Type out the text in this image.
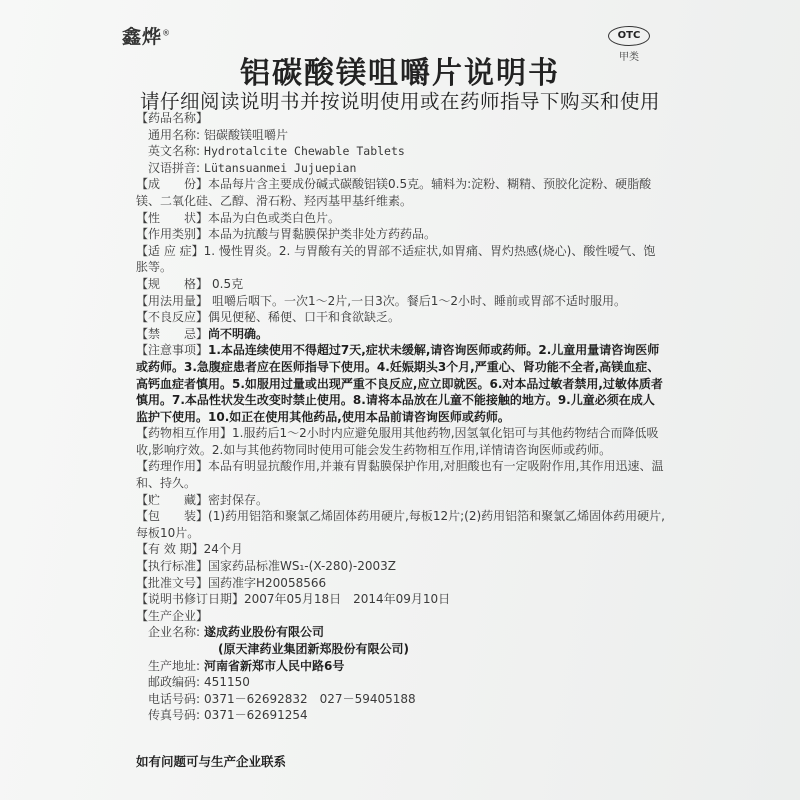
鑫烨®	OTC
甲类
铝碳酸镁咀嚼片说明书
请仔细阅读说明书并按说明使用或在药师指导下购买和使用
【药品名称】
通用名称: 铝碳酸镁咀嚼片
英文名称: Hydrotalcite Chewable Tablets
汉语拼音: Lütansuanmei Jujuepian
【成　　份】本品每片含主要成份碱式碳酸铝镁0.5克。辅料为:淀粉、糊精、预胶化淀粉、硬脂酸镁、二氧化硅、乙醇、滑石粉、羟丙基甲基纤维素。
【性　　状】本品为白色或类白色片。
【作用类别】本品为抗酸与胃黏膜保护类非处方药药品。
【适 应 症】1. 慢性胃炎。2. 与胃酸有关的胃部不适症状,如胃痛、胃灼热感(烧心)、酸性嗳气、饱胀等。
【规　　格】 0.5克
【用法用量】 咀嚼后咽下。一次1～2片,一日3次。餐后1～2小时、睡前或胃部不适时服用。
【不良反应】偶见便秘、稀便、口干和食欲缺乏。
【禁　　忌】尚不明确。
【注意事项】1.本品连续使用不得超过7天,症状未缓解,请咨询医师或药师。2.儿童用量请咨询医师或药师。3.急腹症患者应在医师指导下使用。4.妊娠期头3个月,严重心、肾功能不全者,高镁血症、高钙血症者慎用。5.如服用过量或出现严重不良反应,应立即就医。6.对本品过敏者禁用,过敏体质者慎用。7.本品性状发生改变时禁止使用。8.请将本品放在儿童不能接触的地方。9.儿童必须在成人监护下使用。10.如正在使用其他药品,使用本品前请咨询医师或药师。
【药物相互作用】1.服药后1～2小时内应避免服用其他药物,因氢氧化铝可与其他药物结合而降低吸收,影响疗效。2.如与其他药物同时使用可能会发生药物相互作用,详情请咨询医师或药师。
【药理作用】本品有明显抗酸作用,并兼有胃黏膜保护作用,对胆酸也有一定吸附作用,其作用迅速、温和、持久。
【贮　　藏】密封保存。
【包　　装】(1)药用铝箔和聚氯乙烯固体药用硬片,每板12片;(2)药用铝箔和聚氯乙烯固体药用硬片,每板10片。
【有 效 期】24个月
【执行标准】国家药品标准WS₁-(X-280)-2003Z
【批准文号】国药准字H20058566
【说明书修订日期】2007年05月18日　2014年09月10日
【生产企业】
企业名称: 遂成药业股份有限公司
(原天津药业集团新郑股份有限公司)
生产地址: 河南省新郑市人民中路6号
邮政编码: 451150
电话号码: 0371－62692832　027－59405188
传真号码: 0371－62691254
如有问题可与生产企业联系
